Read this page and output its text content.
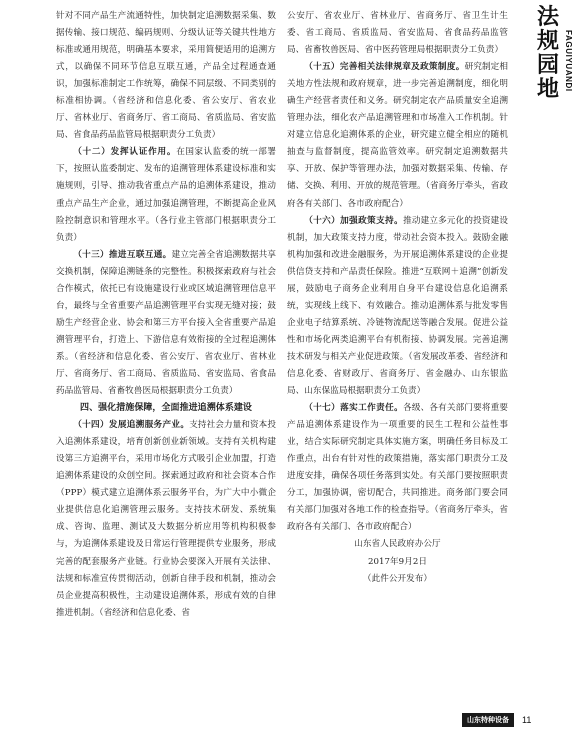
法规园地 FAGUIYUANDI

针对不同产品生产流通特性，加快制定追溯数据采集、数据传输、接口规范、编码规则、分级认证等关键共性地方标准或通用规范，明确基本要求，采用简便适用的追溯方式，以确保不同环节信息互联互通，产品全过程通查通识，加强标准制定工作统筹，确保不同层级、不同类别的标准相协调。（省经济和信息化委、省公安厅、省农业厅、省林业厅、省商务厅、省工商局、省质监局、省安监局、省食品药品监管局根据职责分工负责）

（十二）发挥认证作用。在国家认监委的统一部署下，按照认监委制定、发布的追溯管理体系建设标准和实施规则，引导、推动我省重点产品的追溯体系建设，推动重点产品生产企业，通过加强追溯管理，不断提高企业风险控制意识和管理水平。（各行业主管部门根据职责分工负责）

（十三）推进互联互通。建立完善全省追溯数据共享交换机制，保障追溯链条的完整性。积极探索政府与社会合作模式，依托已有设施建设行业或区域追溯管理信息平台，最终与全省重要产品追溯管理平台实现无缝对接；鼓励生产经营企业、协会和第三方平台接入全省重要产品追溯管理平台，打造上、下游信息有效衔接的全过程追溯体系。（省经济和信息化委、省公安厅、省农业厅、省林业厅、省商务厅、省工商局、省质监局、省安监局、省食品药品监管局、省畜牧兽医局根据职责分工负责）

四、强化措施保障，全面推进追溯体系建设

（十四）发展追溯服务产业。支持社会力量和资本投入追溯体系建设，培育创新创业新领域。支持有关机构建设第三方追溯平台，采用市场化方式吸引企业加盟，打造追溯体系建设的众创空间。探索通过政府和社会资本合作（PPP）模式建立追溯体系云服务平台，为广大中小微企业提供信息化追溯管理云服务。支持技术研发、系统集成、咨询、监理、测试及大数据分析应用等机构积极参与，为追溯体系建设及日常运行管理提供专业服务，形成完善的配套服务产业链。行业协会要深入开展有关法律、法规和标准宣传贯彻活动，创新自律手段和机制，推动会员企业提高积极性，主动建设追溯体系，形成有效的自律推进机制。（省经济和信息化委、省

公安厅、省农业厅、省林业厅、省商务厅、省卫生计生委、省工商局、省质监局、省安监局、省食品药品监管局、省畜牧兽医局、省中医药管理局根据职责分工负责）

（十五）完善相关法律规章及政策制度。研究制定相关地方性法规和政府规章，进一步完善追溯制度，细化明确生产经营者责任和义务。研究制定农产品质量安全追溯管理办法，细化农产品追溯管理和市场准入工作机制。针对建立信息化追溯体系的企业，研究建立健全相应的随机抽查与监督制度，提高监管效率。研究制定追溯数据共享、开放、保护等管理办法，加强对数据采集、传输、存储、交换、利用、开放的规范管理。（省商务厅牵头，省政府各有关部门、各市政府配合）

（十六）加强政策支持。推动建立多元化的投资建设机制，加大政策支持力度，带动社会资本投入。鼓励金融机构加强和改进金融服务，为开展追溯体系建设的企业提供信贷支持和产品责任保险。推进“互联网＋追溯”创新发展，鼓励电子商务企业利用自身平台建设信息化追溯系统，实现线上线下、有效融合。推动追溯体系与批发零售企业电子结算系统、冷链物流配送等融合发展。促进公益性和市场化两类追溯平台有机衔接、协调发展。完善追溯技术研发与相关产业促进政策。（省发展改革委、省经济和信息化委、省财政厅、省商务厅、省金融办、山东银监局、山东保监局根据职责分工负责）

（十七）落实工作责任。各级、各有关部门要将重要产品追溯体系建设作为一项重要的民生工程和公益性事业，结合实际研究制定具体实施方案，明确任务目标及工作重点，出台有针对性的政策措施，落实部门职责分工及进度安排，确保各项任务落到实处。有关部门要按照职责分工，加强协调，密切配合，共同推进。商务部门要会同有关部门加强对各地工作的检查指导。（省商务厅牵头，省政府各有关部门、各市政府配合）

山东省人民政府办公厅

2017年9月2日

（此件公开发布）

山东特种设备	11
